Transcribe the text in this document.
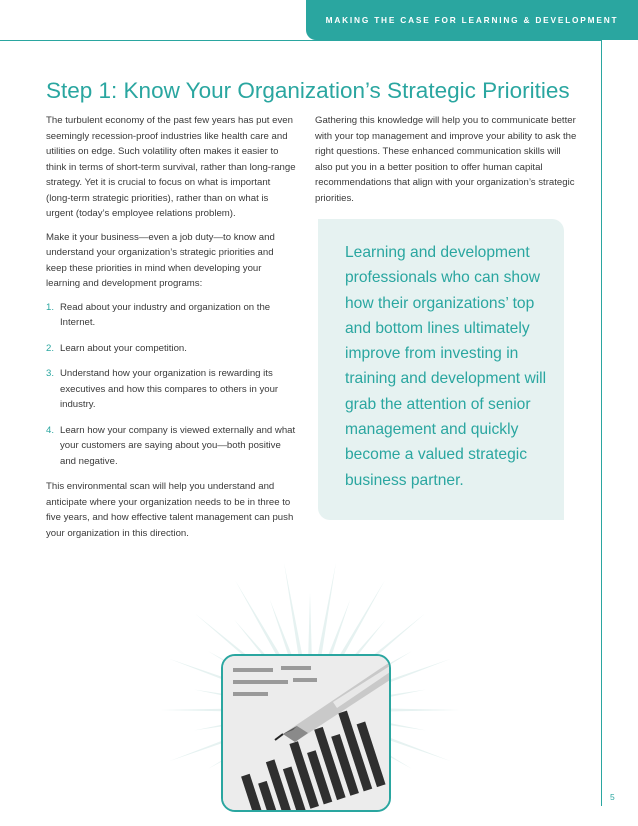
MAKING THE CASE FOR LEARNING & DEVELOPMENT
Step 1: Know Your Organization’s Strategic Priorities

The turbulent economy of the past few years has put even seemingly recession-proof industries like health care and utilities on edge. Such volatility often makes it easier to think in terms of short-term survival, rather than long-range strategy. Yet it is crucial to focus on what is important (long-term strategic priorities), rather than on what is urgent (today’s employee relations problem).

Make it your business—even a job duty—to know and understand your organization’s strategic priorities and keep these priorities in mind when developing your learning and development programs:

1. Read about your industry and organization on the Internet.
2. Learn about your competition.
3. Understand how your organization is rewarding its executives and how this compares to others in your industry.
4. Learn how your company is viewed externally and what your customers are saying about you—both positive and negative.

This environmental scan will help you understand and anticipate where your organization needs to be in three to five years, and how effective talent management can push your organization in this direction.

Gathering this knowledge will help you to communicate better with your top management and improve your ability to ask the right questions. These enhanced communication skills will also put you in a better position to offer human capital recommendations that align with your organization’s strategic priorities.

Learning and development professionals who can show how their organizations’ top and bottom lines ultimately improve from investing in training and development will grab the attention of senior management and quickly become a valued strategic business partner.
5
